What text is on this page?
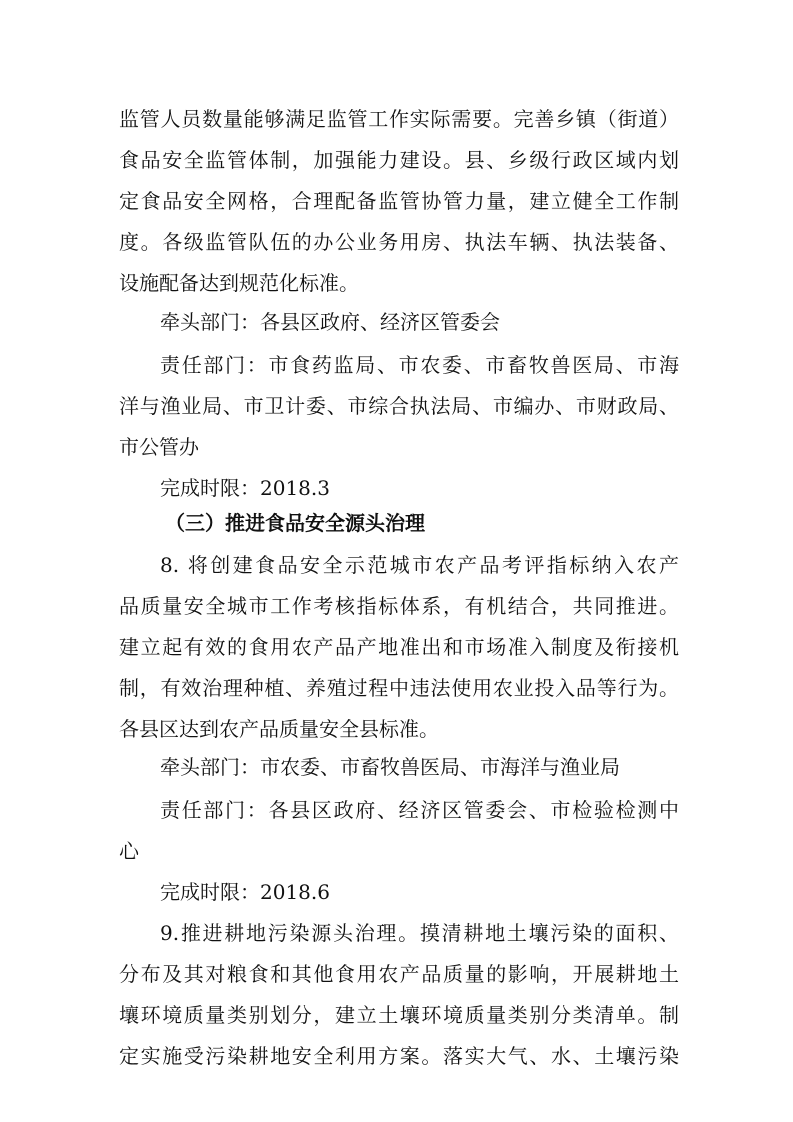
监管人员数量能够满足监管工作实际需要。完善乡镇（街道）
食品安全监管体制，加强能力建设。县、乡级行政区域内划
定食品安全网格，合理配备监管协管力量，建立健全工作制
度。各级监管队伍的办公业务用房、执法车辆、执法装备、
设施配备达到规范化标准。
牵头部门：各县区政府、经济区管委会
责任部门：市食药监局、市农委、市畜牧兽医局、市海
洋与渔业局、市卫计委、市综合执法局、市编办、市财政局、
市公管办
完成时限：2018.3
（三）推进食品安全源头治理
8. 将创建食品安全示范城市农产品考评指标纳入农产
品质量安全城市工作考核指标体系，有机结合，共同推进。
建立起有效的食用农产品产地准出和市场准入制度及衔接机
制，有效治理种植、养殖过程中违法使用农业投入品等行为。
各县区达到农产品质量安全县标准。
牵头部门：市农委、市畜牧兽医局、市海洋与渔业局
责任部门：各县区政府、经济区管委会、市检验检测中
心
完成时限：2018.6
9.推进耕地污染源头治理。摸清耕地土壤污染的面积、
分布及其对粮食和其他食用农产品质量的影响，开展耕地土
壤环境质量类别划分，建立土壤环境质量类别分类清单。制
定实施受污染耕地安全利用方案。落实大气、水、土壤污染
